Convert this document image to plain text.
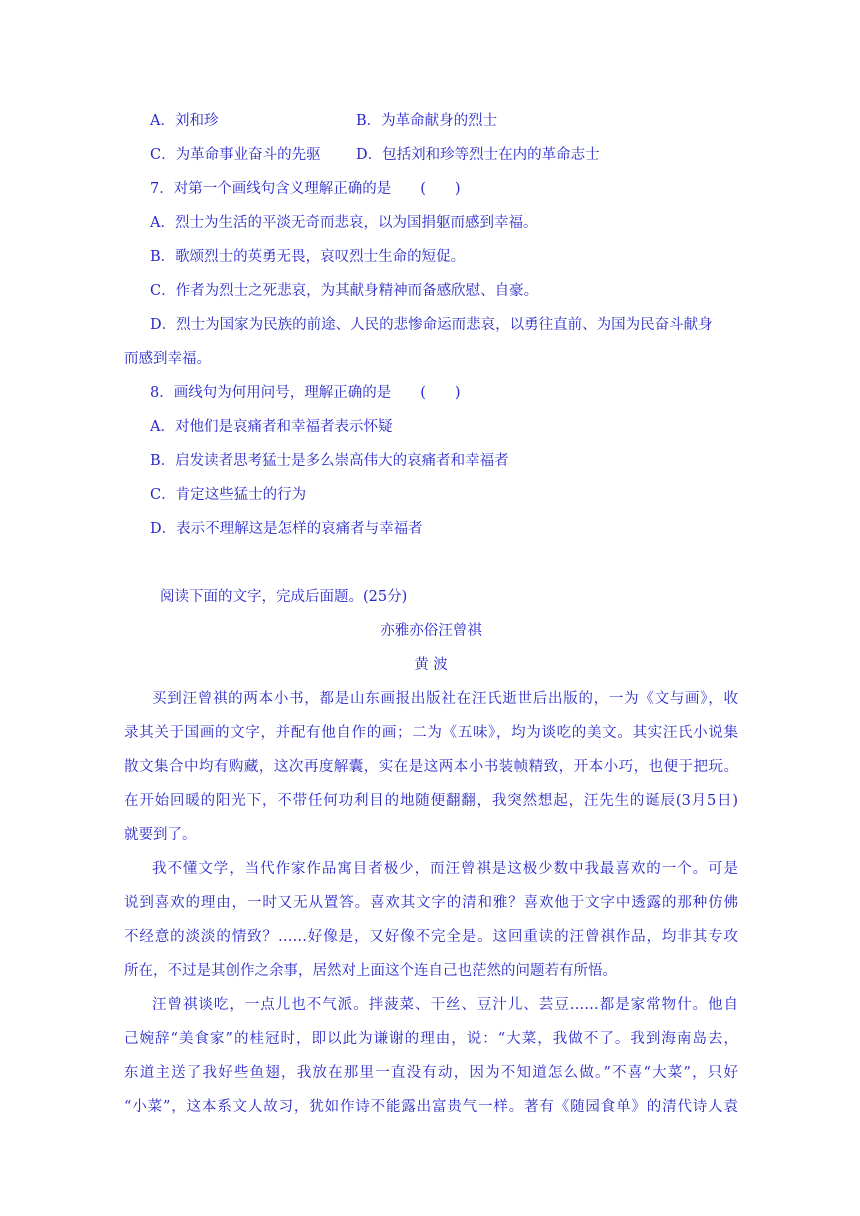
A．刘和珍	B．为革命献身的烈士
C．为革命事业奋斗的先驱 D．包括刘和珍等烈士在内的革命志士
7．对第一个画线句含义理解正确的是　　(　　)
A．烈士为生活的平淡无奇而悲哀，以为国捐躯而感到幸福。
B．歌颂烈士的英勇无畏，哀叹烈士生命的短促。
C．作者为烈士之死悲哀，为其献身精神而备感欣慰、自豪。
D．烈士为国家为民族的前途、人民的悲惨命运而悲哀，以勇往直前、为国为民奋斗献身
而感到幸福。
8．画线句为何用问号，理解正确的是　　(　　)
A．对他们是哀痛者和幸福者表示怀疑
B．启发读者思考猛士是多么崇高伟大的哀痛者和幸福者
C．肯定这些猛士的行为
D．表示不理解这是怎样的哀痛者与幸福者
阅读下面的文字，完成后面题。(25分)
亦雅亦俗汪曾祺
黄 波
买到汪曾祺的两本小书，都是山东画报出版社在汪氏逝世后出版的，一为《文与画》，收
录其关于国画的文字，并配有他自作的画；二为《五味》，均为谈吃的美文。其实汪氏小说集
散文集合中均有购藏，这次再度解囊，实在是这两本小书装帧精致，开本小巧，也便于把玩。
在开始回暖的阳光下，不带任何功利目的地随便翻翻，我突然想起，汪先生的诞辰(3月5日)
就要到了。
我不懂文学，当代作家作品寓目者极少，而汪曾祺是这极少数中我最喜欢的一个。可是
说到喜欢的理由，一时又无从置答。喜欢其文字的清和雅？喜欢他于文字中透露的那种仿佛
不经意的淡淡的情致？……好像是，又好像不完全是。这回重读的汪曾祺作品，均非其专攻
所在，不过是其创作之余事，居然对上面这个连自己也茫然的问题若有所悟。
汪曾祺谈吃，一点儿也不气派。拌菠菜、干丝、豆汁儿、芸豆……都是家常物什。他自
己婉辞“美食家”的桂冠时，即以此为谦谢的理由，说：“大菜，我做不了。我到海南岛去，
东道主送了我好些鱼翅，我放在那里一直没有动，因为不知道怎么做。”不喜“大菜”，只好
“小菜”，这本系文人故习，犹如作诗不能露出富贵气一样。著有《随园食单》的清代诗人袁
